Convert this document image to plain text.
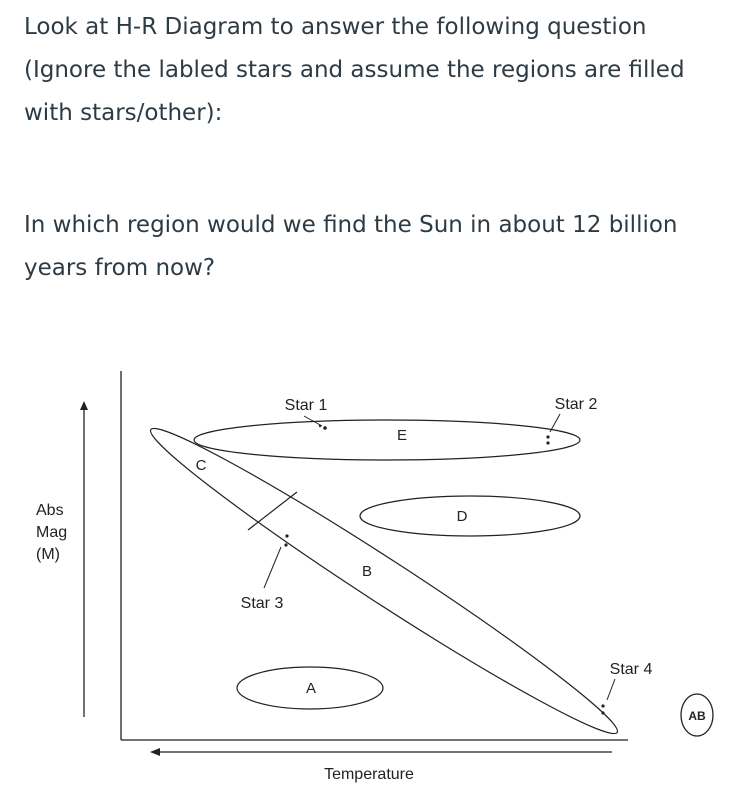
Look at H-R Diagram to answer the following question (Ignore the labled stars and assume the regions are filled with stars/other):

In which region would we find the Sun in about 12 billion years from now?

Abs
Mag
(M)
Temperature
E
D
C
B
A
Star 1	Star 2
Star 3
Star 4
AB
